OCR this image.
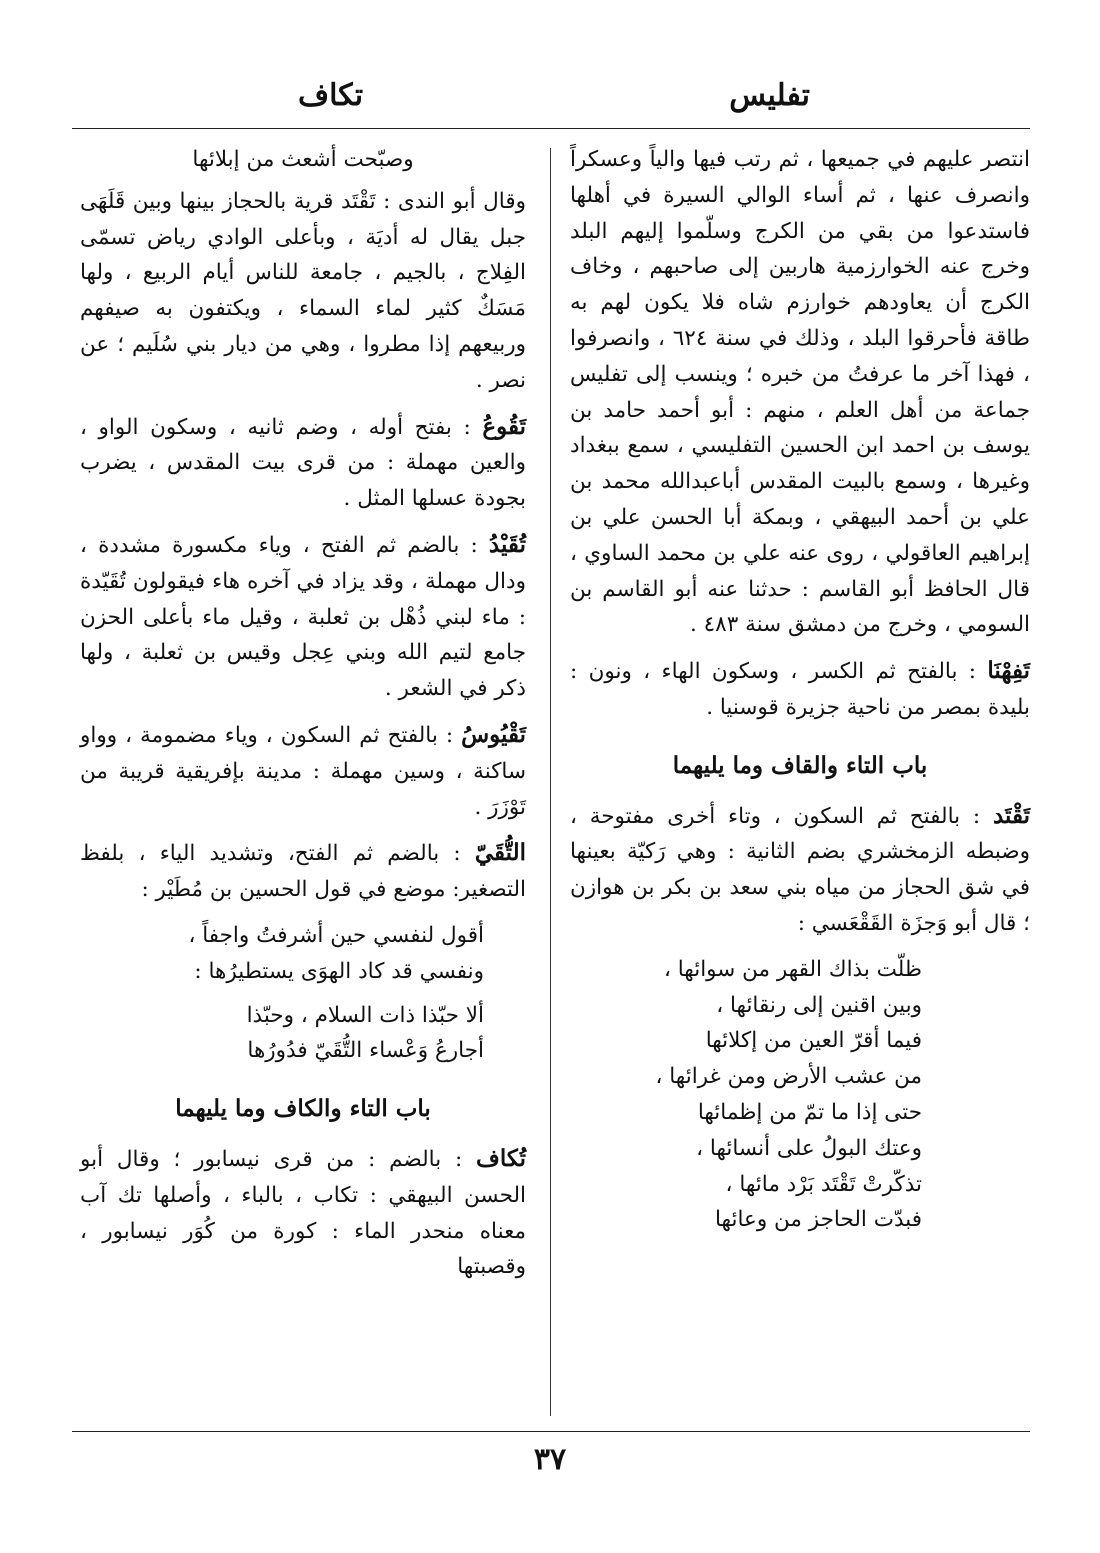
تفليس
تكاف

انتصر عليهم في جميعها ، ثم رتب فيها والياً وعسكراً وانصرف عنها ، ثم أساء الوالي السيرة في أهلها فاستدعوا من بقي من الكرج وسلّموا إليهم البلد وخرج عنه الخوارزمية هاربين إلى صاحبهم ، وخاف الكرج أن يعاودهم خوارزم شاه فلا يكون لهم به طاقة فأحرقوا البلد ، وذلك في سنة ٦٢٤ ، وانصرفوا ، فهذا آخر ما عرفتُ من خبره ؛ وينسب إلى تفليس جماعة من أهل العلم ، منهم : أبو أحمد حامد بن يوسف بن احمد ابن الحسين التفليسي ، سمع ببغداد وغيرها ، وسمع بالبيت المقدس أباعبدالله محمد بن علي بن أحمد البيهقي ، وبمكة أبا الحسن علي بن إبراهيم العاقولي ، روى عنه علي بن محمد الساوي ، قال الحافظ أبو القاسم : حدثنا عنه أبو القاسم بن السومي ، وخرج من دمشق سنة ٤٨٣ .

تَفِهْنَا : بالفتح ثم الكسر ، وسكون الهاء ، ونون : بليدة بمصر من ناحية جزيرة قوسنيا .

باب التاء والقاف وما يليهما

تَقْتَد : بالفتح ثم السكون ، وتاء أخرى مفتوحة ، وضبطه الزمخشري بضم الثانية : وهي رَكيّة بعينها في شق الحجاز من مياه بني سعد بن بكر بن هوازن ؛ قال أبو وَجزَة القَقْعَسي :

ظلّت بذاك القهر من سوائها ،
وبين اقنين إلى رنقائها ،
فيما أقرّ العين من إكلائها
من عشب الأرض ومن غرائها ،
حتى إذا ما تمّ من إظمائها
وعتك البولُ على أنسائها ،
تذكّرتْ تَقْتَد بَرْد مائها ،
فبدّت الحاجز من وعائها
وصبّحت أشعث من إبلائها

وقال أبو الندى : تَقْتَد قرية بالحجاز بينها وبين قَلَهَى جبل يقال له أديَة ، وبأعلى الوادي رياض تسمّى الفِلاج ، بالجيم ، جامعة للناس أيام الربيع ، ولها مَسَكٌ كثير لماء السماء ، ويكتفون به صيفهم وربيعهم إذا مطروا ، وهي من ديار بني سُلَيم ؛ عن نصر .

تَقُوعُ : بفتح أوله ، وضم ثانيه ، وسكون الواو ، والعين مهملة : من قرى بيت المقدس ، يضرب بجودة عسلها المثل .

تُقَيْدُ : بالضم ثم الفتح ، وياء مكسورة مشددة ، ودال مهملة ، وقد يزاد في آخره هاء فيقولون تُقَيّدة : ماء لبني ذُهْل بن ثعلبة ، وقيل ماء بأعلى الحزن جامع لتيم الله وبني عِجل وقيس بن ثعلبة ، ولها ذكر في الشعر .

تَقْيُوسُ : بالفتح ثم السكون ، وياء مضمومة ، وواو ساكنة ، وسين مهملة : مدينة بإفريقية قريبة من تَوْزَرَ .

التُّقَيّ : بالضم ثم الفتح، وتشديد الياء ، بلفظ التصغير: موضع في قول الحسين بن مُطَيْر :

أقول لنفسي حين أشرفتُ واجفاً ،
ونفسي قد كاد الهوَى يستطيرُها :
ألا حبّذا ذات السلام ، وحبّذا
أجارعُ وَعْساء التُّقَيّ فدُورُها
باب التاء والكاف وما يليهما

تُكاف : بالضم : من قرى نيسابور ؛ وقال أبو الحسن البيهقي : تكاب ، بالباء ، وأصلها تك آب معناه منحدر الماء : كورة من كُوَر نيسابور ، وقصبتها

٣٧
